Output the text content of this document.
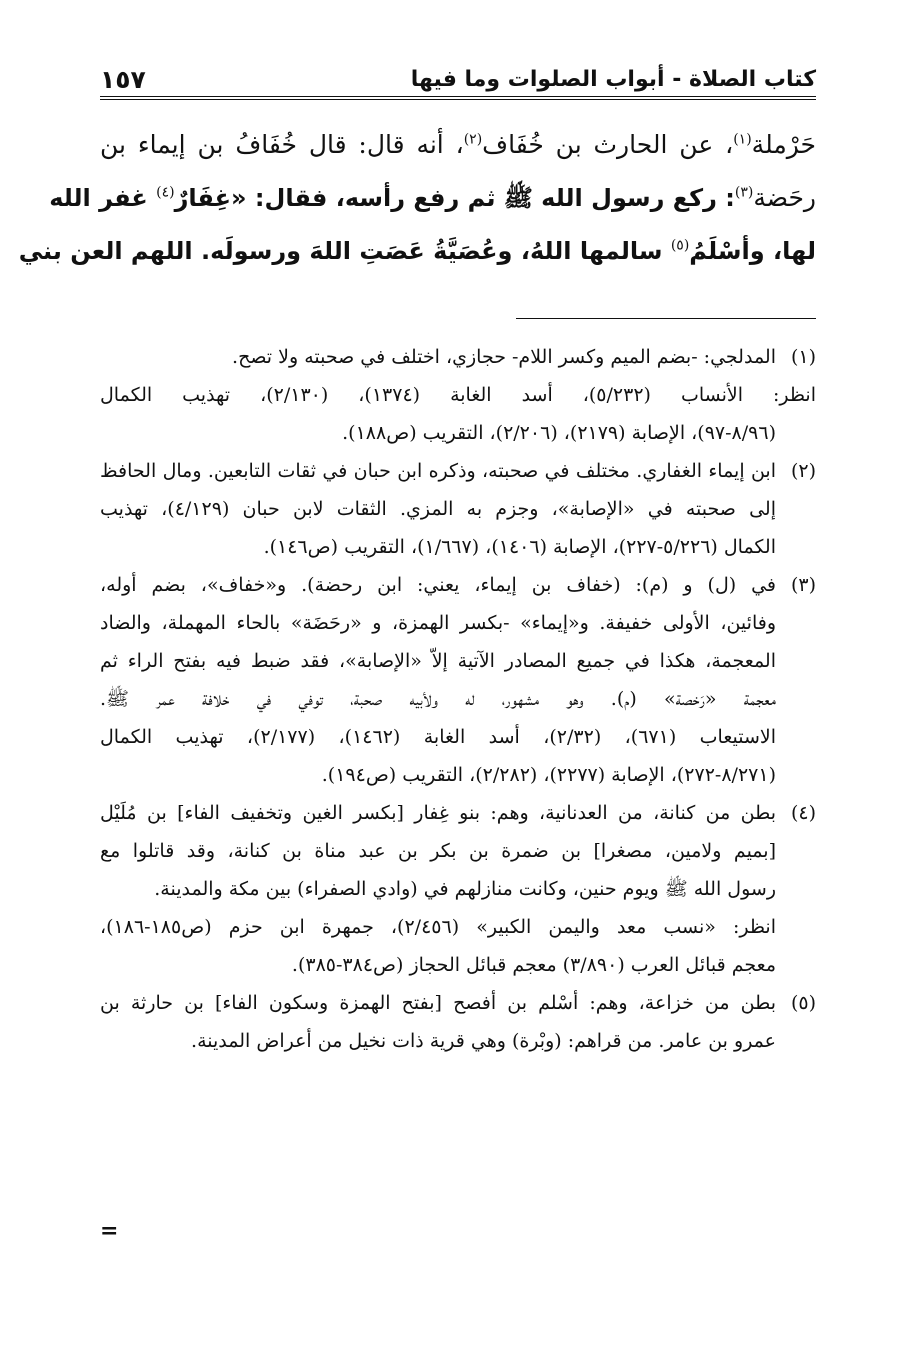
كتاب الصلاة - أبواب الصلوات وما فيها
١٥٧
حَرْملة$^{(١)}$، عن الحارث بن خُفَاف$^{(٢)}$، أنه قال: قال خُفَافُ بن إيماء بن
رحَضة$^{(٣)}$: ركع رسول الله ﷺ ثم رفع رأسه، فقال: «غِفَارٌ$^{(٤)}$ غفر الله
لها، وأسْلَمُ$^{(٥)}$ سالمها اللهُ، وعُصَيَّةُ عَصَتِ اللهَ ورسولَه. اللهم العن بني
(١)
المدلجي: -بضم الميم وكسر اللام- حجازي، اختلف في صحبته ولا تصح.
انظر: الأنساب (٥/٢٣٢)، أسد الغابة (١٣٧٤)، (٢/١٣٠)، تهذيب الكمال
(٨/٩٦-٩٧)، الإصابة (٢١٧٩)، (٢/٢٠٦)، التقريب (ص١٨٨).
(٢)
ابن إيماء الغفاري. مختلف في صحبته، وذكره ابن حبان في ثقات التابعين. ومال الحافظ
إلى صحبته في «الإصابة»، وجزم به المزي. الثقات لابن حبان (٤/١٢٩)، تهذيب
الكمال (٥/٢٢٦-٢٢٧)، الإصابة (١٤٠٦)، (١/٦٦٧)، التقريب (ص١٤٦).
(٣)
في (ل) و (م): (خفاف بن إيماء، يعني: ابن رحضة). و«خفاف»، بضم أوله،
وفائين، الأولى خفيفة. و«إيماء» -بكسر الهمزة، و «رحَضَة» بالحاء المهملة، والضاد
المعجمة، هكذا في جميع المصادر الآتية إلاّ «الإصابة»، فقد ضبط فيه بفتح الراء ثم
معجمة «رَخصة» (م). وهو مشهور، له ولأبيه صحبة، توفي في خلافة عمر ﷺ.
الاستيعاب (٦٧١)، (٢/٣٢)، أسد الغابة (١٤٦٢)، (٢/١٧٧)، تهذيب الكمال
(٨/٢٧١-٢٧٢)، الإصابة (٢٢٧٧)، (٢/٢٨٢)، التقريب (ص١٩٤).
(٤)
بطن من كنانة، من العدنانية، وهم: بنو غِفار [بكسر الغين وتخفيف الفاء] بن مُلَيْل
[بميم ولامين، مصغرا] بن ضمرة بن بكر بن عبد مناة بن كنانة، وقد قاتلوا مع
رسول الله ﷺ ويوم حنين، وكانت منازلهم في (وادي الصفراء) بين مكة والمدينة.
انظر: «نسب معد واليمن الكبير» (٢/٤٥٦)، جمهرة ابن حزم (ص١٨٥-١٨٦)،
معجم قبائل العرب (٣/٨٩٠) معجم قبائل الحجاز (ص٣٨٤-٣٨٥).
(٥)
بطن من خزاعة، وهم: أسْلم بن أفصح [بفتح الهمزة وسكون الفاء] بن حارثة بن
عمرو بن عامر. من قراهم: (وبْرة) وهي قرية ذات نخيل من أعراض المدينة.
=
